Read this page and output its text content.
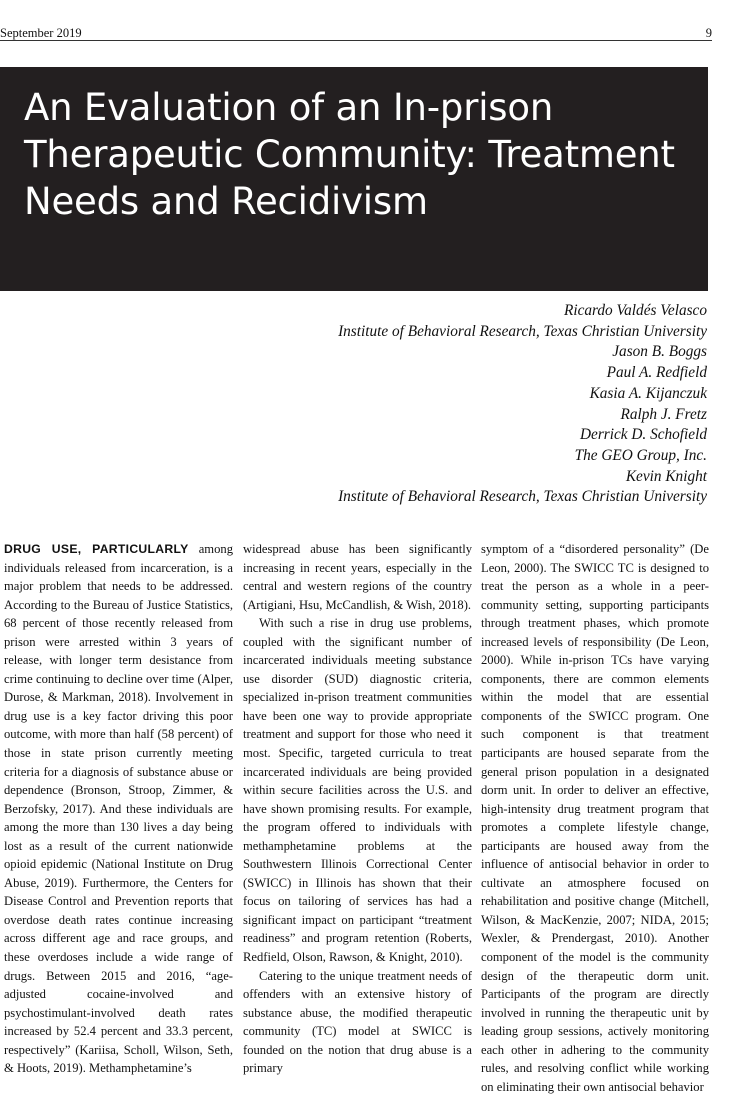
September 2019	9
An Evaluation of an In-prison
Therapeutic Community: Treatment
Needs and Recidivism
Ricardo Valdés Velasco
Institute of Behavioral Research, Texas Christian University
Jason B. Boggs
Paul A. Redfield
Kasia A. Kijanczuk
Ralph J. Fretz
Derrick D. Schofield
The GEO Group, Inc.
Kevin Knight
Institute of Behavioral Research, Texas Christian University

DRUG USE, PARTICULARLY among individuals released from incarceration, is a major problem that needs to be addressed. According to the Bureau of Justice Statistics, 68 percent of those recently released from prison were arrested within 3 years of release, with longer term desistance from crime continuing to decline over time (Alper, Durose, & Markman, 2018). Involvement in drug use is a key factor driving this poor outcome, with more than half (58 percent) of those in state prison currently meeting criteria for a diagnosis of substance abuse or dependence (Bronson, Stroop, Zimmer, & Berzofsky, 2017). And these individuals are among the more than 130 lives a day being lost as a result of the current nationwide opioid epidemic (National Institute on Drug Abuse, 2019). Furthermore, the Centers for Disease Control and Prevention reports that overdose death rates continue increasing across different age and race groups, and these overdoses include a wide range of drugs. Between 2015 and 2016, “age-adjusted cocaine-involved and psychostimulant-involved death rates increased by 52.4 percent and 33.3 percent, respectively” (Kariisa, Scholl, Wilson, Seth, & Hoots, 2019). Methamphetamine’s

widespread abuse has been significantly increasing in recent years, especially in the central and western regions of the country (Artigiani, Hsu, McCandlish, & Wish, 2018).

With such a rise in drug use problems, coupled with the significant number of incarcerated individuals meeting substance use disorder (SUD) diagnostic criteria, specialized in-prison treatment communities have been one way to provide appropriate treatment and support for those who need it most. Specific, targeted curricula to treat incarcerated individuals are being provided within secure facilities across the U.S. and have shown promising results. For example, the program offered to individuals with methamphetamine problems at the Southwestern Illinois Correctional Center (SWICC) in Illinois has shown that their focus on tailoring of services has had a significant impact on participant “treatment readiness” and program retention (Roberts, Redfield, Olson, Rawson, & Knight, 2010).

Catering to the unique treatment needs of offenders with an extensive history of substance abuse, the modified therapeutic community (TC) model at SWICC is founded on the notion that drug abuse is a primary

symptom of a “disordered personality” (De Leon, 2000). The SWICC TC is designed to treat the person as a whole in a peer-community setting, supporting participants through treatment phases, which promote increased levels of responsibility (De Leon, 2000). While in-prison TCs have varying components, there are common elements within the model that are essential components of the SWICC program. One such component is that treatment participants are housed separate from the general prison population in a designated dorm unit. In order to deliver an effective, high-intensity drug treatment program that promotes a complete lifestyle change, participants are housed away from the influence of antisocial behavior in order to cultivate an atmosphere focused on rehabilitation and positive change (Mitchell, Wilson, & MacKenzie, 2007; NIDA, 2015; Wexler, & Prendergast, 2010). Another component of the model is the community design of the therapeutic dorm unit. Participants of the program are directly involved in running the therapeutic unit by leading group sessions, actively monitoring each other in adhering to the community rules, and resolving conflict while working on eliminating their own antisocial behavior
